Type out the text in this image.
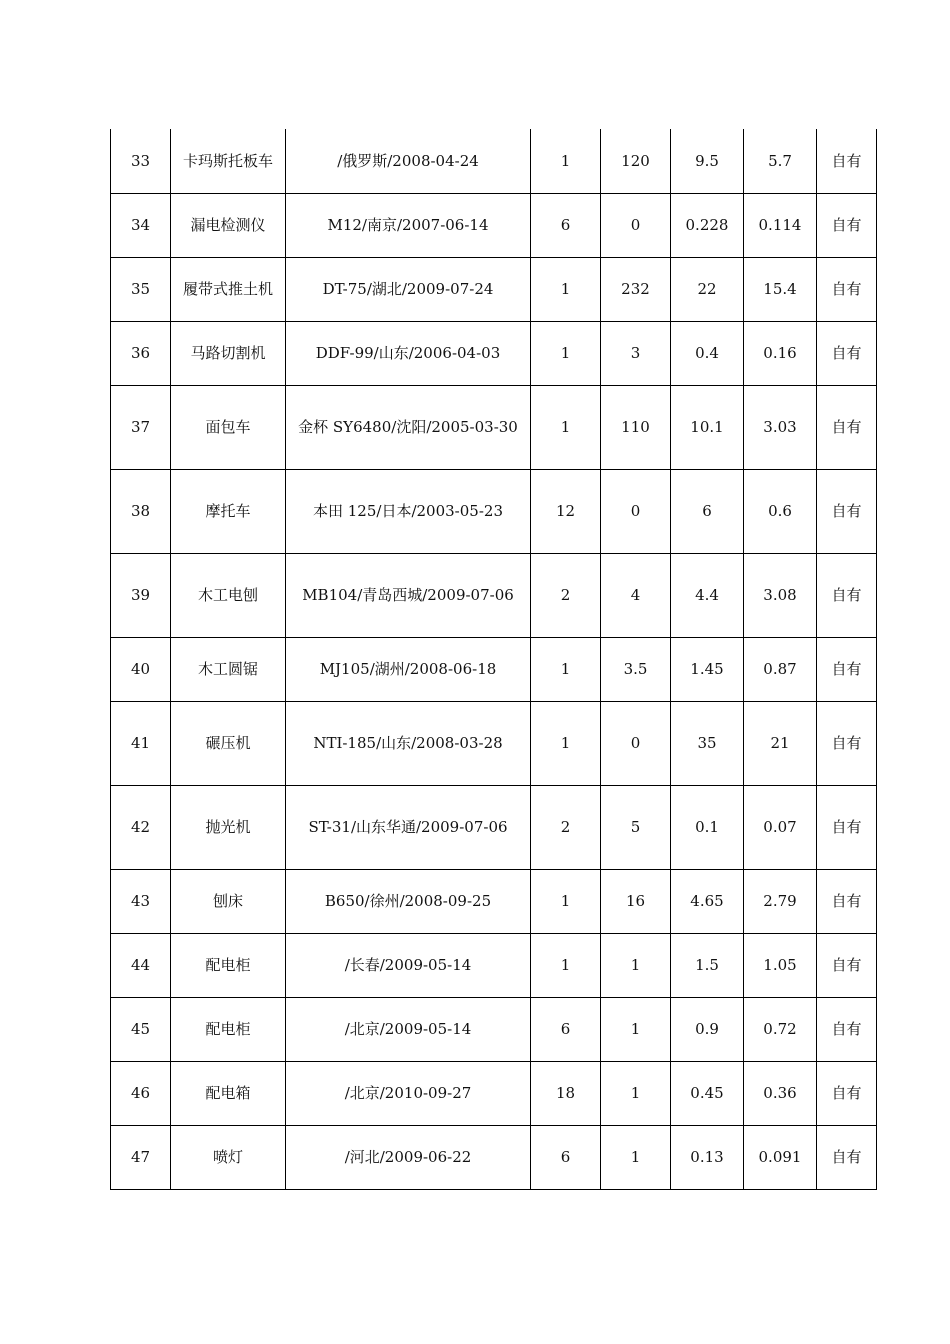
33	卡玛斯托板车	/俄罗斯/2008-04-24	1	120	9.5	5.7	自有
34	漏电检测仪	M12/南京/2007-06-14	6	0	0.228	0.114	自有
35	履带式推土机	DT-75/湖北/2009-07-24	1	232	22	15.4	自有
36	马路切割机	DDF-99/山东/2006-04-03	1	3	0.4	0.16	自有
37	面包车	金杯 SY6480/沈阳/2005-03-30	1	110	10.1	3.03	自有
38	摩托车	本田 125/日本/2003-05-23	12	0	6	0.6	自有
39	木工电刨	MB104/青岛西城/2009-07-06	2	4	4.4	3.08	自有
40	木工圆锯	MJ105/湖州/2008-06-18	1	3.5	1.45	0.87	自有
41	碾压机	NTI-185/山东/2008-03-28	1	0	35	21	自有
42	抛光机	ST-31/山东华通/2009-07-06	2	5	0.1	0.07	自有
43	刨床	B650/徐州/2008-09-25	1	16	4.65	2.79	自有
44	配电柜	/长春/2009-05-14	1	1	1.5	1.05	自有
45	配电柜	/北京/2009-05-14	6	1	0.9	0.72	自有
46	配电箱	/北京/2010-09-27	18	1	0.45	0.36	自有
47	喷灯	/河北/2009-06-22	6	1	0.13	0.091	自有
